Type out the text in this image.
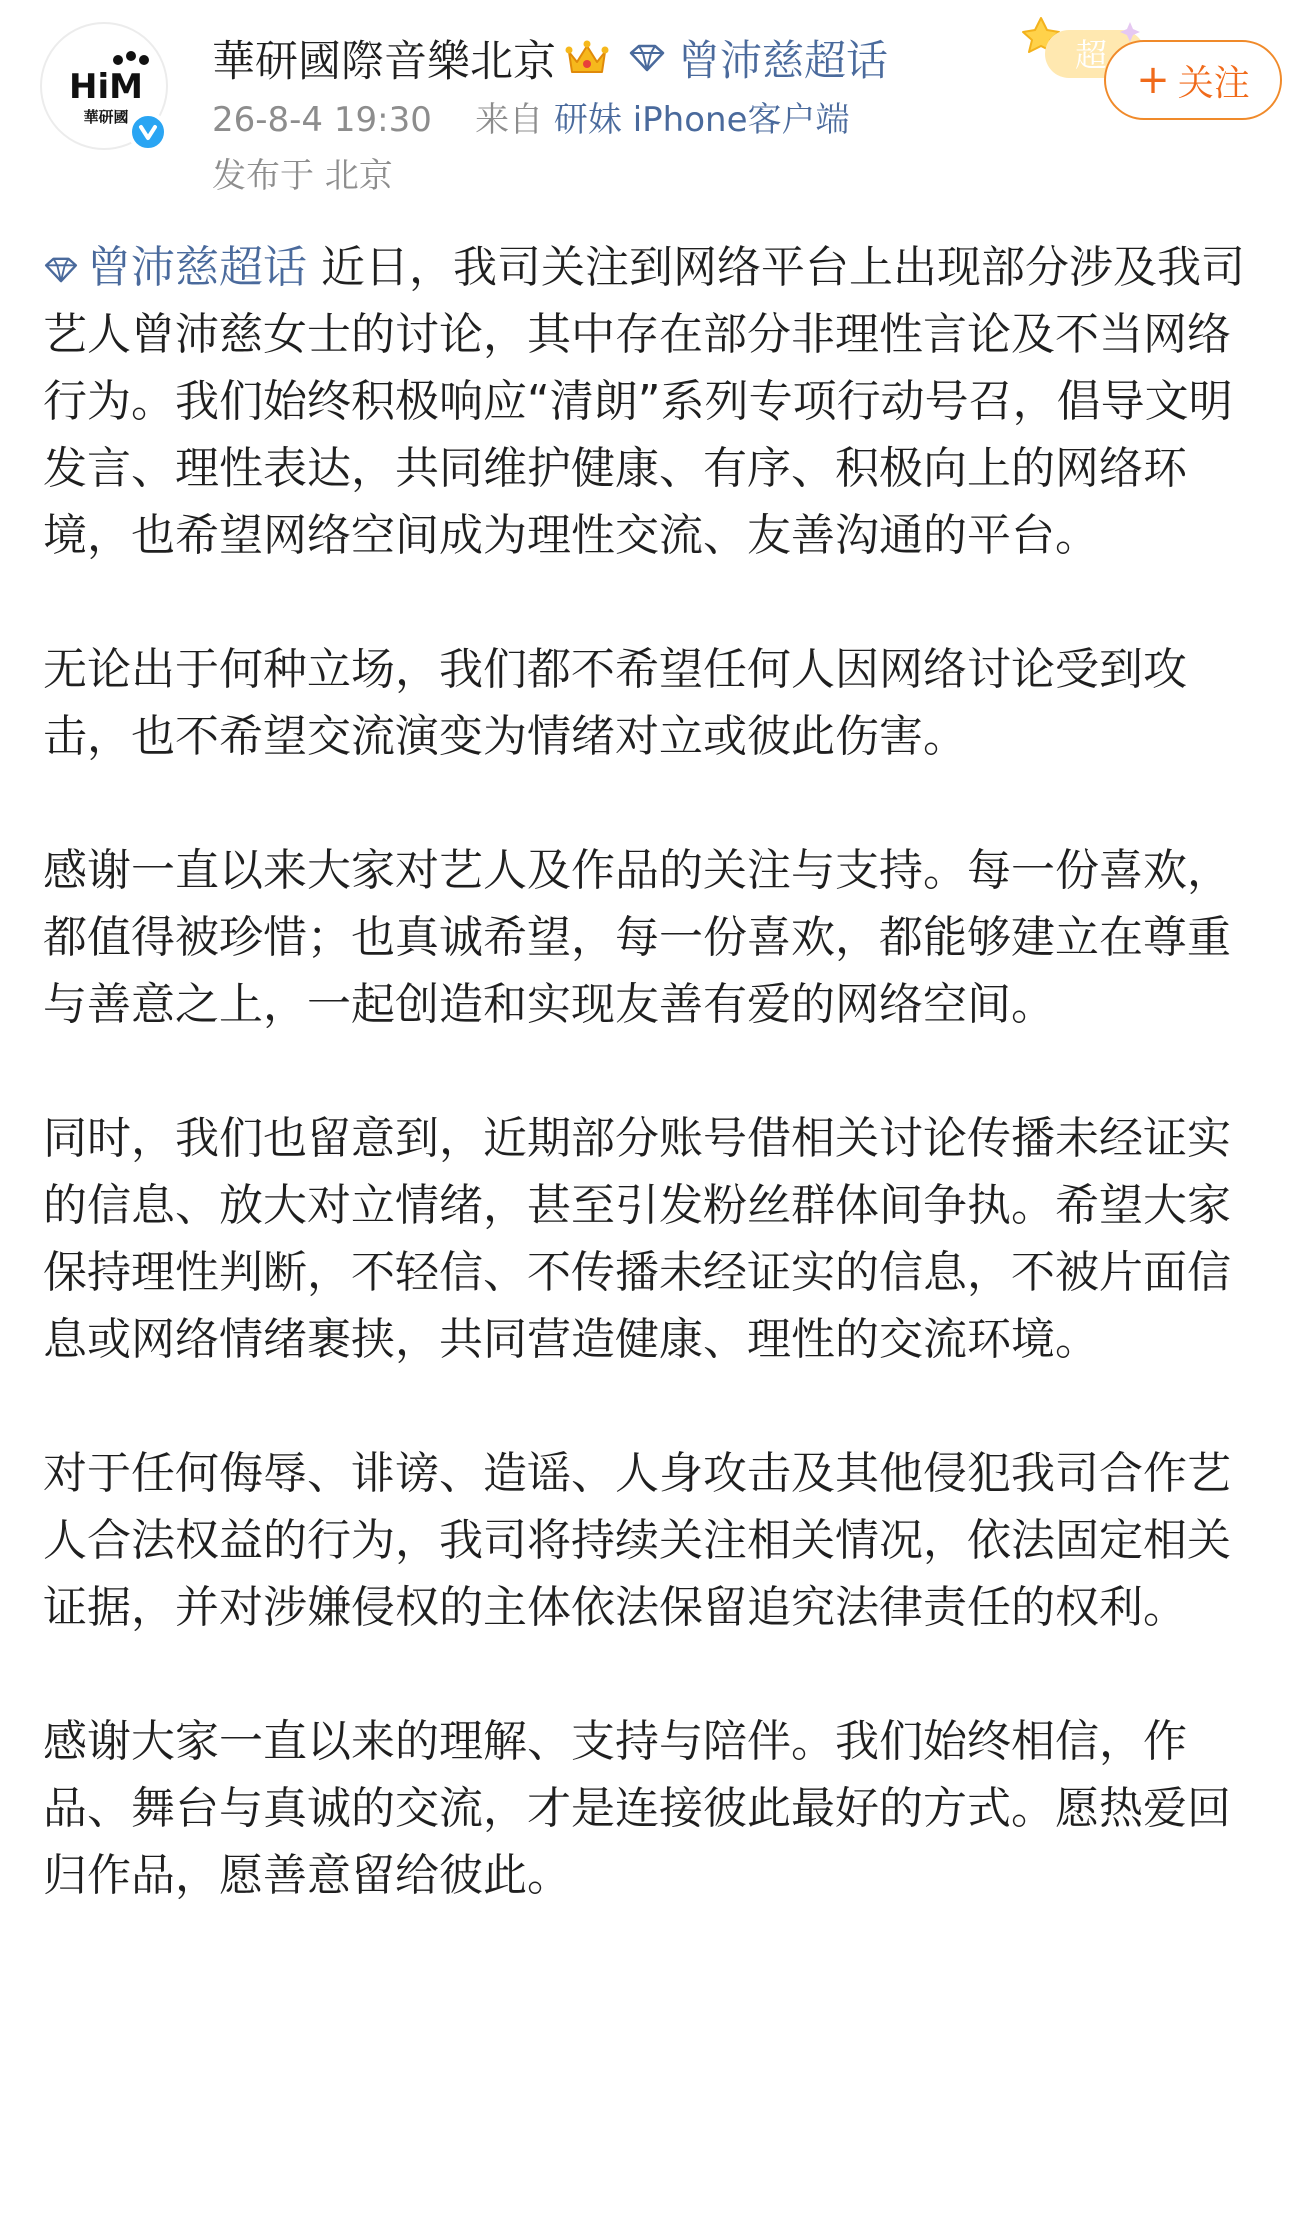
HiM
華研國
華研國際音樂北京	曾沛慈超话
26-8-4 19:30 来自 研妹 iPhone客户端
发布于 北京
超
+ 关注

曾沛慈超话 近日，我司关注到网络平台上出现部分涉及我司艺人曾沛慈女士的讨论，其中存在部分非理性言论及不当网络行为。我们始终积极响应“清朗”系列专项行动号召，倡导文明发言、理性表达，共同维护健康、有序、积极向上的网络环境，也希望网络空间成为理性交流、友善沟通的平台。

无论出于何种立场，我们都不希望任何人因网络讨论受到攻击，也不希望交流演变为情绪对立或彼此伤害。

感谢一直以来大家对艺人及作品的关注与支持。每一份喜欢，都值得被珍惜；也真诚希望，每一份喜欢，都能够建立在尊重与善意之上，一起创造和实现友善有爱的网络空间。

同时，我们也留意到，近期部分账号借相关讨论传播未经证实的信息、放大对立情绪，甚至引发粉丝群体间争执。希望大家保持理性判断，不轻信、不传播未经证实的信息，不被片面信息或网络情绪裹挟，共同营造健康、理性的交流环境。

对于任何侮辱、诽谤、造谣、人身攻击及其他侵犯我司合作艺人合法权益的行为，我司将持续关注相关情况，依法固定相关证据，并对涉嫌侵权的主体依法保留追究法律责任的权利。

感谢大家一直以来的理解、支持与陪伴。我们始终相信，作品、舞台与真诚的交流，才是连接彼此最好的方式。愿热爱回归作品，愿善意留给彼此。
